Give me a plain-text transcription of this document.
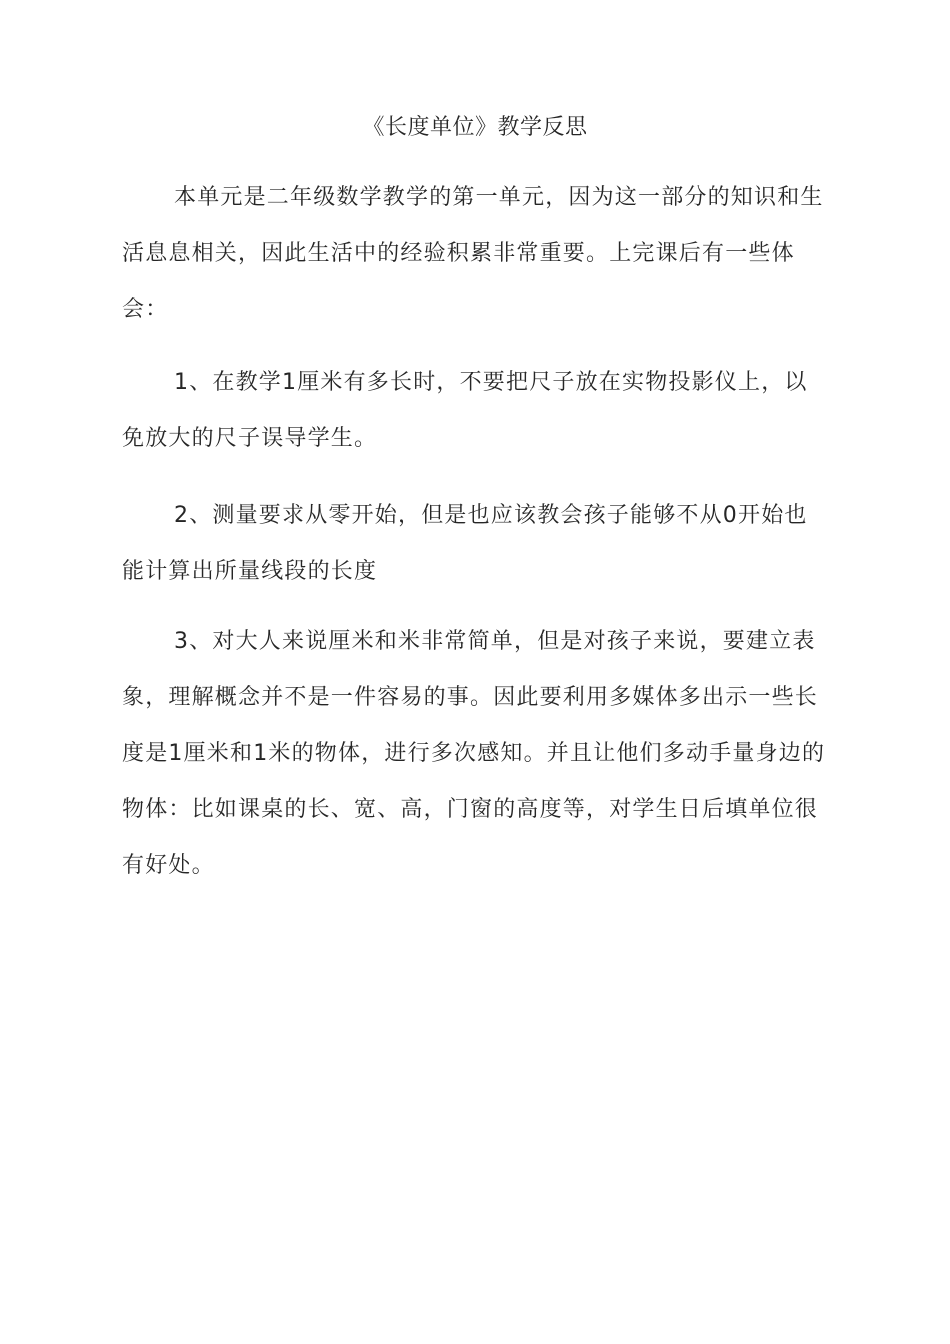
《长度单位》教学反思

本单元是二年级数学教学的第一单元，因为这一部分的知识和生活息息相关，因此生活中的经验积累非常重要。上完课后有一些体会：

1、在教学1厘米有多长时，不要把尺子放在实物投影仪上，以免放大的尺子误导学生。

2、测量要求从零开始，但是也应该教会孩子能够不从0开始也能计算出所量线段的长度

3、对大人来说厘米和米非常简单，但是对孩子来说，要建立表象，理解概念并不是一件容易的事。因此要利用多媒体多出示一些长度是1厘米和1米的物体，进行多次感知。并且让他们多动手量身边的物体：比如课桌的长、宽、高，门窗的高度等，对学生日后填单位很有好处。
